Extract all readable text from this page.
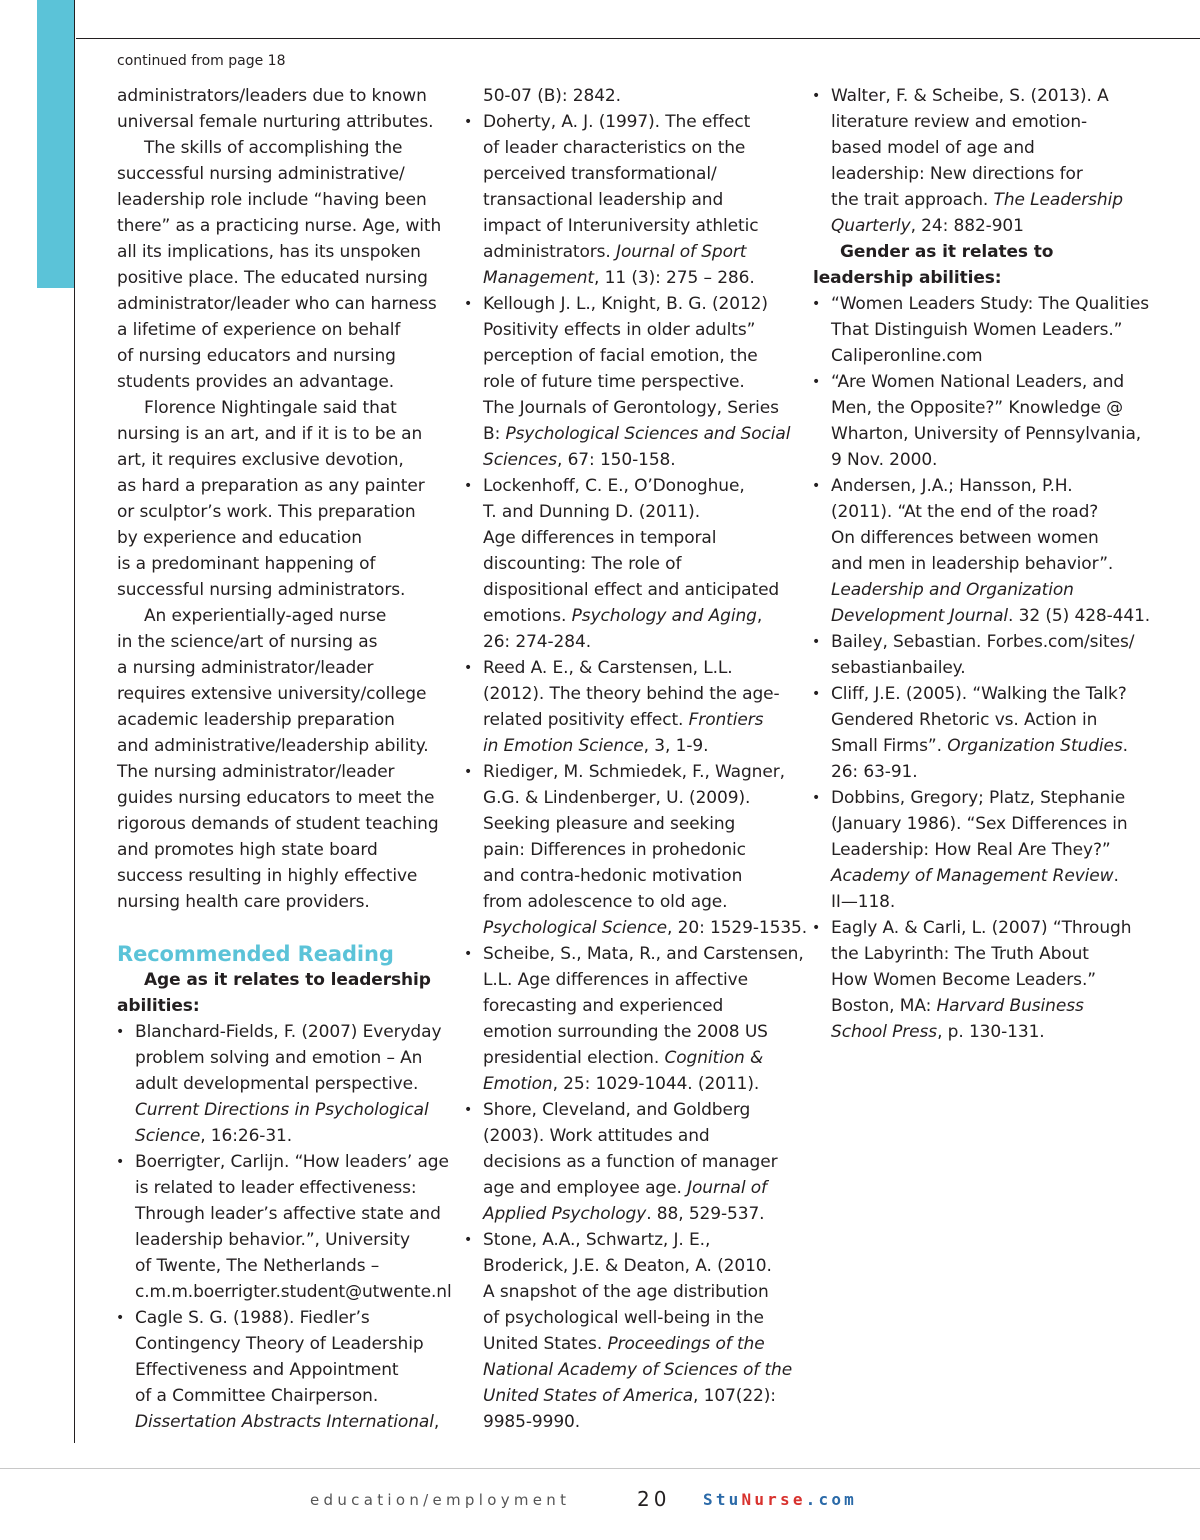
continued from page 18

administrators/leaders due to known

universal female nurturing attributes.

The skills of accomplishing the

successful nursing administrative/

leadership role include “having been

there” as a practicing nurse. Age, with

all its implications, has its unspoken

positive place. The educated nursing

administrator/leader who can harness

a lifetime of experience on behalf

of nursing educators and nursing

students provides an advantage.

Florence Nightingale said that

nursing is an art, and if it is to be an

art, it requires exclusive devotion,

as hard a preparation as any painter

or sculptor’s work. This preparation

by experience and education

is a predominant happening of

successful nursing administrators.

An experientially-aged nurse

in the science/art of nursing as

a nursing administrator/leader

requires extensive university/college

academic leadership preparation

and administrative/leadership ability.

The nursing administrator/leader

guides nursing educators to meet the

rigorous demands of student teaching

and promotes high state board

success resulting in highly effective

nursing health care providers.

Recommended Reading

Age as it relates to leadership

abilities:

• Blanchard-Fields, F. (2007) Everyday

problem solving and emotion – An

adult developmental perspective.

Current Directions in Psychological

Science, 16:26-31.

• Boerrigter, Carlijn. “How leaders’ age

is related to leader effectiveness:

Through leader’s affective state and

leadership behavior.”, University

of Twente, The Netherlands –

c.m.m.boerrigter.student@utwente.nl

• Cagle S. G. (1988). Fiedler’s

Contingency Theory of Leadership

Effectiveness and Appointment

of a Committee Chairperson.

Dissertation Abstracts International,

50-07 (B): 2842.

• Doherty, A. J. (1997). The effect

of leader characteristics on the

perceived transformational/

transactional leadership and

impact of Interuniversity athletic

administrators. Journal of Sport

Management, 11 (3): 275 – 286.

• Kellough J. L., Knight, B. G. (2012)

Positivity effects in older adults”

perception of facial emotion, the

role of future time perspective.

The Journals of Gerontology, Series

B: Psychological Sciences and Social

Sciences, 67: 150-158.

• Lockenhoff, C. E., O’Donoghue,

T. and Dunning D. (2011).

Age differences in temporal

discounting: The role of

dispositional effect and anticipated

emotions. Psychology and Aging,

26: 274-284.

• Reed A. E., & Carstensen, L.L.

(2012). The theory behind the age-

related positivity effect. Frontiers

in Emotion Science, 3, 1-9.

• Riediger, M. Schmiedek, F., Wagner,

G.G. & Lindenberger, U. (2009).

Seeking pleasure and seeking

pain: Differences in prohedonic

and contra-hedonic motivation

from adolescence to old age.

Psychological Science, 20: 1529-1535.

• Scheibe, S., Mata, R., and Carstensen,

L.L. Age differences in affective

forecasting and experienced

emotion surrounding the 2008 US

presidential election. Cognition &

Emotion, 25: 1029-1044. (2011).

• Shore, Cleveland, and Goldberg

(2003). Work attitudes and

decisions as a function of manager

age and employee age. Journal of

Applied Psychology. 88, 529-537.

• Stone, A.A., Schwartz, J. E.,

Broderick, J.E. & Deaton, A. (2010.

A snapshot of the age distribution

of psychological well-being in the

United States. Proceedings of the

National Academy of Sciences of the

United States of America, 107(22):

9985-9990.

• Walter, F. & Scheibe, S. (2013). A

literature review and emotion-

based model of age and

leadership: New directions for

the trait approach. The Leadership

Quarterly, 24: 882-901

Gender as it relates to

leadership abilities:

• “Women Leaders Study: The Qualities

That Distinguish Women Leaders.”

Caliperonline.com

• “Are Women National Leaders, and

Men, the Opposite?” Knowledge @

Wharton, University of Pennsylvania,

9 Nov. 2000.

• Andersen, J.A.; Hansson, P.H.

(2011). “At the end of the road?

On differences between women

and men in leadership behavior”.

Leadership and Organization

Development Journal. 32 (5) 428-441.

• Bailey, Sebastian. Forbes.com/sites/

sebastianbailey.

• Cliff, J.E. (2005). “Walking the Talk?

Gendered Rhetoric vs. Action in

Small Firms”. Organization Studies.

26: 63-91.

• Dobbins, Gregory; Platz, Stephanie

(January 1986). “Sex Differences in

Leadership: How Real Are They?”

Academy of Management Review.

II—118.

• Eagly A. & Carli, L. (2007) “Through

the Labyrinth: The Truth About

How Women Become Leaders.”

Boston, MA: Harvard Business

School Press, p. 130-131.

education/employment	20 StuNurse.com
